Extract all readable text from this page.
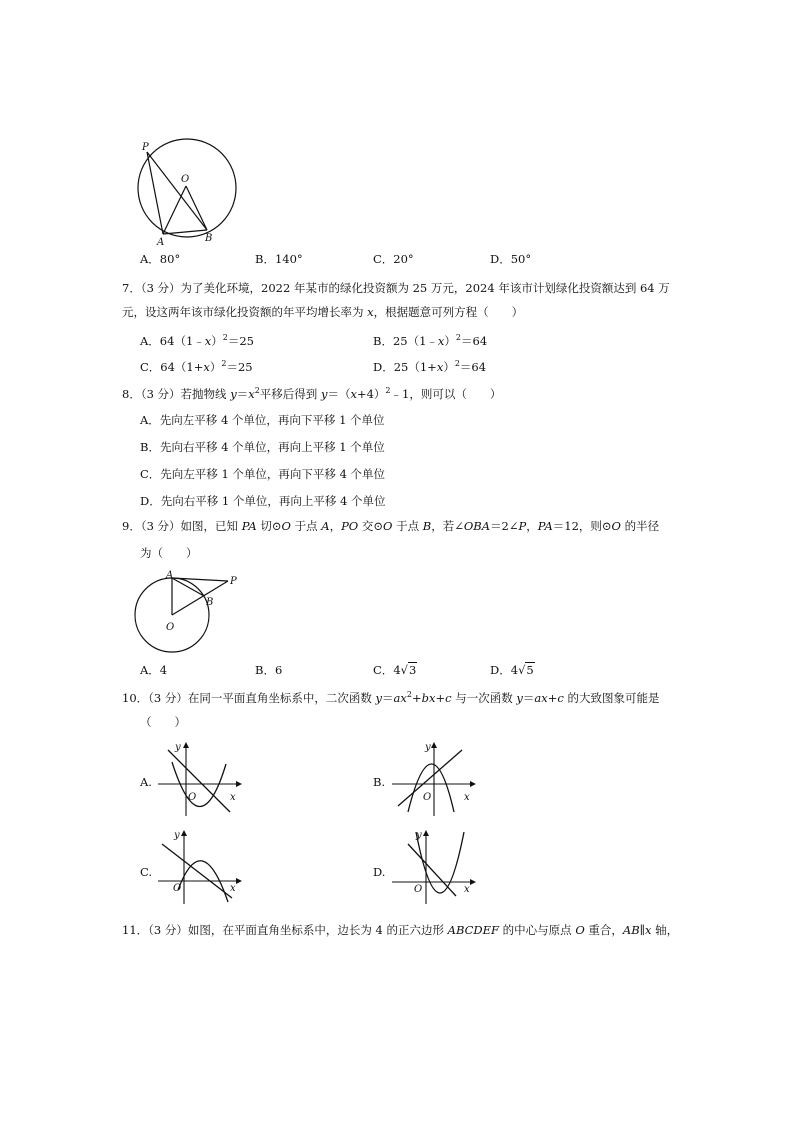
P
O
A	B
A．80°	B．140°	C．20°	D．50°
7．（3 分）为了美化环境，2022 年某市的绿化投资额为 25 万元，2024 年该市计划绿化投资额达到 64 万
元，设这两年该市绿化投资额的年平均增长率为 x，根据题意可列方程（　　）
A．64（1﹣x）$^2$＝25	B．25（1﹣x）$^2$＝64
C．$64(1+x)^2=25$	D．$25(1+x)^2=64$
8．（3 分）若抛物线 $y=x^2$平移后得到 $y=(x+4)^2﹣1$，则可以（　　）
A．先向左平移 4 个单位，再向下平移 1 个单位
B．先向右平移 4 个单位，再向上平移 1 个单位
C．先向左平移 1 个单位，再向下平移 4 个单位
D．先向右平移 1 个单位，再向上平移 4 个单位
9．（3 分）如图，已知 PA 切⊙O 于点 A，PO 交⊙O 于点 B，若∠OBA＝2∠P，PA＝12，则⊙O 的半径
为（　　）
A
P
B
O
A．4	B．6	C．4√3	D．4√5
10．（3 分）在同一平面直角坐标系中，二次函数 $y=ax^2+bx+c$ 与一次函数 y＝ax+c 的大致图象可能是
（　　）
A.	B.
C.	D.
y
O	x
y
O	x
y
O	x
y
O	x
11．（3 分）如图，在平面直角坐标系中，边长为 4 的正六边形 ABCDEF 的中心与原点 O 重合，AB∥x 轴，
